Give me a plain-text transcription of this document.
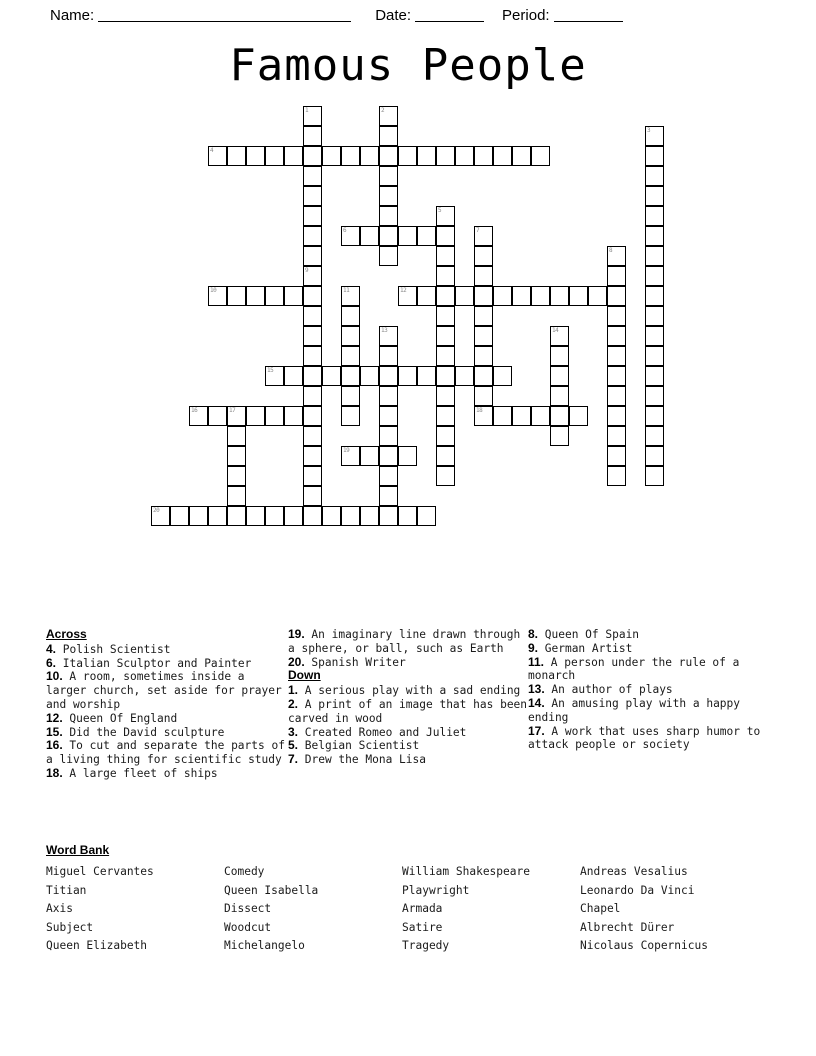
Name:	Date:	Period:
Famous People
1	2
3
4
5
6	7
8
9
10	11	12
13	14
15
16	17	18
19
20
Across
4. Polish Scientist
6. Italian Sculptor and Painter
10. A room, sometimes inside a larger church, set aside for prayer and worship
12. Queen Of England
15. Did the David sculpture
16. To cut and separate the parts of a living thing for scientific study
18. A large fleet of ships
19. An imaginary line drawn through a sphere, or ball, such as Earth
20. Spanish Writer
Down
1. A serious play with a sad ending
2. A print of an image that has been carved in wood
3. Created Romeo and Juliet
5. Belgian Scientist
7. Drew the Mona Lisa
8. Queen Of Spain
9. German Artist
11. A person under the rule of a monarch
13. An author of plays
14. An amusing play with a happy ending
17. A work that uses sharp humor to attack people or society
Word Bank
Miguel Cervantes	Comedy	William Shakespeare	Andreas Vesalius
Titian	Queen Isabella	Playwright	Leonardo Da Vinci
Axis	Dissect	Armada	Chapel
Subject	Woodcut	Satire	Albrecht Dürer
Queen Elizabeth	Michelangelo	Tragedy	Nicolaus Copernicus
